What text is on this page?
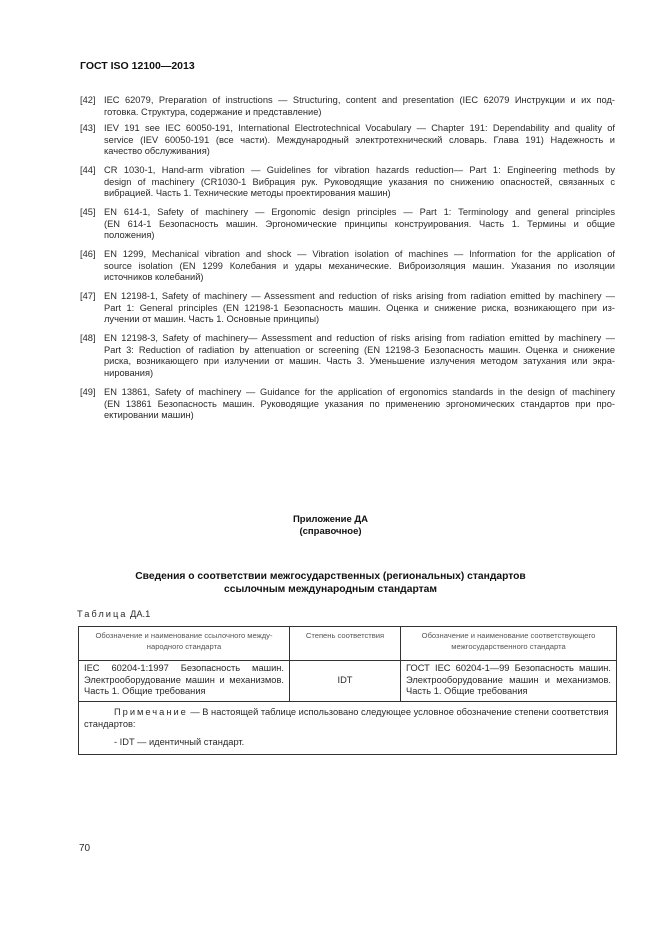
ГОСТ ISO 12100—2013
[42] IEC 62079, Preparation of instructions — Structuring, content and presentation (IEC 62079 Инструкции и их под-
готовка. Структура, содержание и представление)
[43] IEV 191 see IEC 60050-191, International Electrotechnical Vocabulary — Chapter 191: Dependability and quality of
service (IEV 60050-191 (все части). Международный электротехнический словарь. Глава 191) Надежность и
качество обслуживания)
[44] CR 1030-1, Hand-arm vibration — Guidelines for vibration hazards reduction— Part 1: Engineering methods by
design of machinery (CR1030-1 Вибрация рук. Руководящие указания по снижению опасностей, связанных с
вибрацией. Часть 1. Технические методы проектирования машин)
[45] EN 614-1, Safety of machinery — Ergonomic design principles — Part 1: Terminology and general principles
(EN 614-1 Безопасность машин. Эргономические принципы конструирования. Часть 1. Термины и общие
положения)
[46] EN 1299, Mechanical vibration and shock — Vibration isolation of machines — Information for the application of
source isolation (EN 1299 Колебания и удары механические. Виброизоляция машин. Указания по изоляции
источников колебаний)
[47] EN 12198-1, Safety of machinery — Assessment and reduction of risks arising from radiation emitted by machinery —
Part 1: General principles (EN 12198-1 Безопасность машин. Оценка и снижение риска, возникающего при из-
лучении от машин. Часть 1. Основные принципы)
[48] EN 12198-3, Safety of machinery— Assessment and reduction of risks arising from radiation emitted by machinery —
Part 3: Reduction of radiation by attenuation or screening (EN 12198-3 Безопасность машин. Оценка и снижение
риска, возникающего при излучении от машин. Часть 3. Уменьшение излучения методом затухания или экра-
нирования)
[49] EN 13861, Safety of machinery — Guidance for the application of ergonomics standards in the design of machinery
(EN 13861 Безопасность машин. Руководящие указания по применению эргономических стандартов при про-
ектировании машин)
Приложение ДА
(справочное)
Сведения о соответствии межгосударственных (региональных) стандартов
ссылочным международным стандартам
Таблица ДА.1
Обозначение и наименование ссылочного между-народного стандарта	Степень соответствия	Обозначение и наименование соответствующего межгосударственного стандарта
IEC 60204-1:1997 Безопасность машин. Электрооборудование машин и механизмов. Часть 1. Общие требования	IDT	ГОСТ IEC 60204-1—99 Безопасность машин. Электрооборудование машин и механизмов. Часть 1. Общие требования

Примечание — В настоящей таблице использовано следующее условное обозначение степени соответствия стандартов:
- IDT — идентичный стандарт.		
70
